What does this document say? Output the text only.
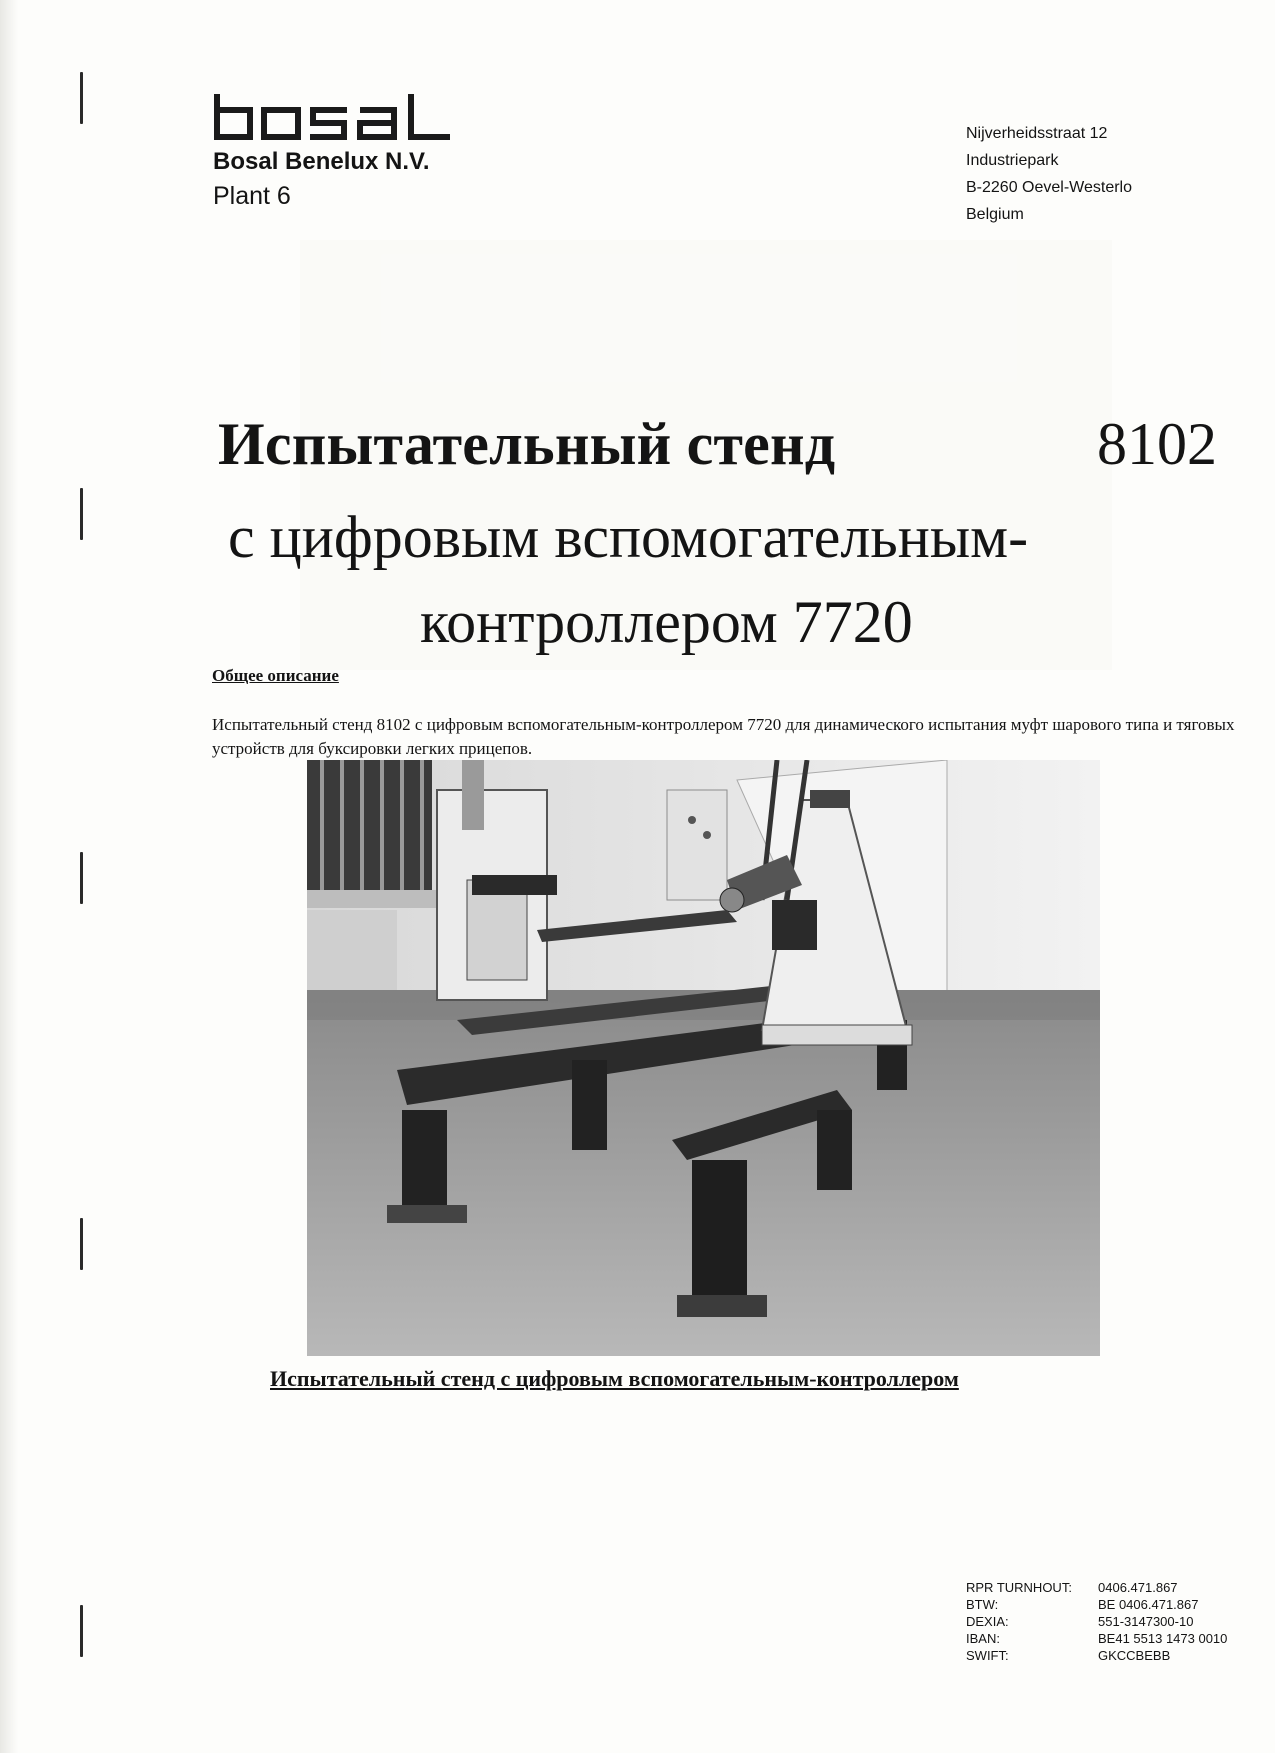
Bosal Benelux N.V.
Plant 6
Nijverheidsstraat 12
Industriepark
B-2260 Oevel-Westerlo
Belgium
Испытательный стенд	8102
с цифровым вспомогательным-
контроллером 7720
Общее описание
Испытательный стенд 8102 с цифровым вспомогательным-контроллером 7720 для динамического испытания муфт шарового типа и тяговых устройств для буксировки легких прицепов.
Испытательный стенд с цифровым вспомогательным-контроллером
RPR TURNHOUT:	0406.471.867
BTW:	BE 0406.471.867
DEXIA:	551-3147300-10
IBAN:	BE41 5513 1473 0010
SWIFT:	GKCCBEBB
